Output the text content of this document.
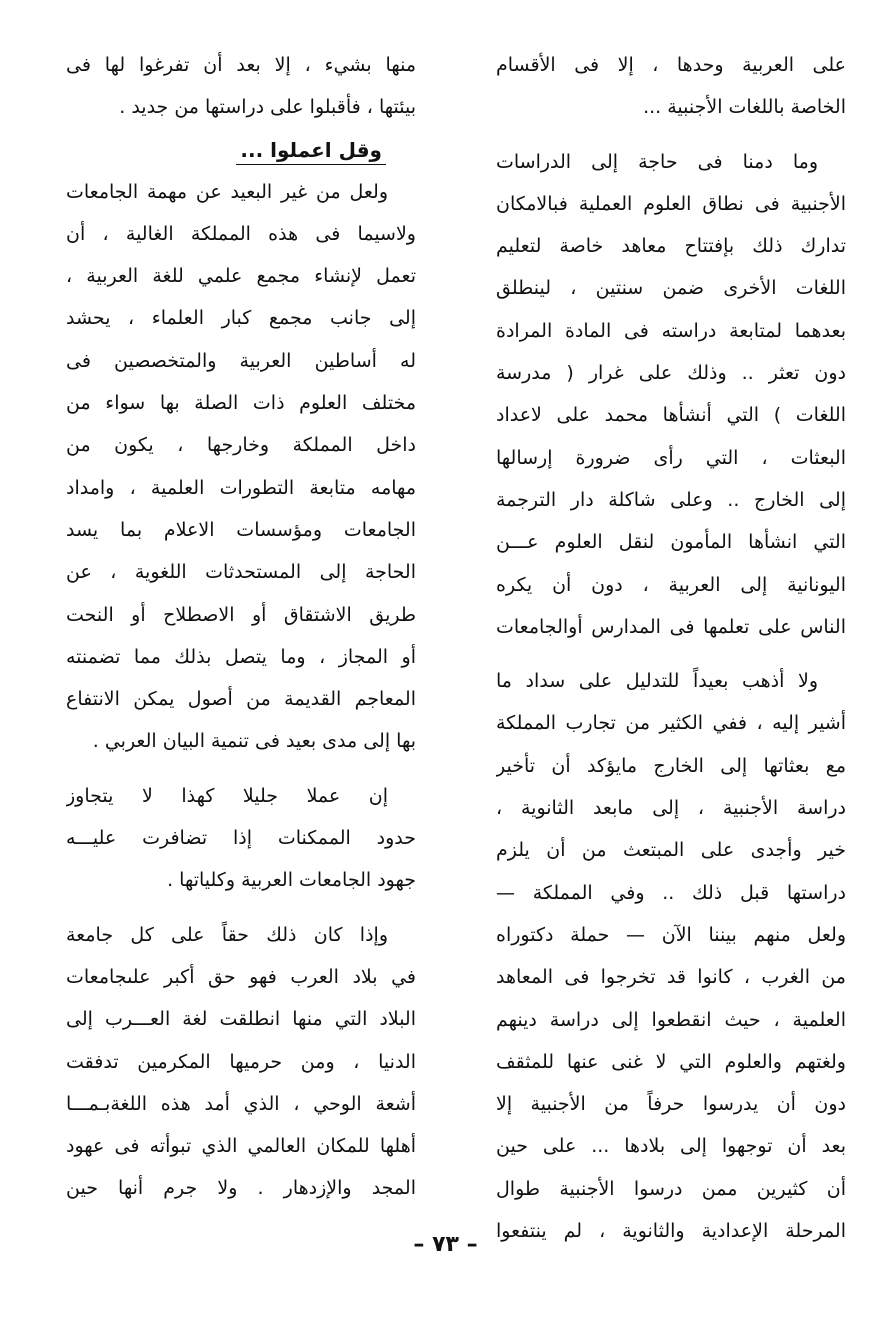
على العربية وحدها ، إلا فى الأقسام
الخاصة باللغات الأجنبية ...
وما دمنا فى حاجة إلى الدراسات
الأجنبية فى نطاق العلوم العملية فبالامكان
تدارك ذلك بإفتتاح معاهد خاصة لتعليم
اللغات الأخرى ضمن سنتين ، لينطلق
بعدهما لمتابعة دراسته فى المادة المرادة
دون تعثر .. وذلك على غرار ( مدرسة
اللغات ) التي أنشأها محمد على لاعداد
البعثات ، التي رأى ضرورة إرسالها
إلى الخارج .. وعلى شاكلة دار الترجمة
التي انشأها المأمون لنقل العلوم عـــن
اليونانية إلى العربية ، دون أن يكره
الناس على تعلمها فى المدارس أوالجامعات
ولا أذهب بعيداً للتدليل على سداد ما
أشير إليه ، ففي الكثير من تجارب المملكة
مع بعثاتها إلى الخارج مايؤكد أن تأخير
دراسة الأجنبية ، إلى مابعد الثانوية ،
خير وأجدى على المبتعث من أن يلزم
دراستها قبل ذلك .. وفي المملكة —
ولعل منهم بيننا الآن — حملة دكتوراه
من الغرب ، كانوا قد تخرجوا فى المعاهد
العلمية ، حيث انقطعوا إلى دراسة دينهم
ولغتهم والعلوم التي لا غنى عنها للمثقف
دون أن يدرسوا حرفاً من الأجنبية إلا
بعد أن توجهوا إلى بلادها ... على حين
أن كثيرين ممن درسوا الأجنبية طوال
المرحلة الإعدادية والثانوية ، لم ينتفعوا
منها بشيء ، إلا بعد أن تفرغوا لها فى
بيئتها ، فأقبلوا على دراستها من جديد .
وقل اعملوا ...
ولعل من غير البعيد عن مهمة الجامعات
ولاسيما فى هذه المملكة الغالية ، أن
تعمل لإنشاء مجمع علمي للغة العربية ،
إلى جانب مجمع كبار العلماء ، يحشد
له أساطين العربية والمتخصصين فى
مختلف العلوم ذات الصلة بها سواء من
داخل المملكة وخارجها ، يكون من
مهامه متابعة التطورات العلمية ، وامداد
الجامعات ومؤسسات الاعلام بما يسد
الحاجة إلى المستحدثات اللغوية ، عن
طريق الاشتقاق أو الاصطلاح أو النحت
أو المجاز ، وما يتصل بذلك مما تضمنته
المعاجم القديمة من أصول يمكن الانتفاع
بها إلى مدى بعيد فى تنمية البيان العربي .
إن عملا جليلا كهذا لا يتجاوز
حدود الممكنات إذا تضافرت عليـــه
جهود الجامعات العربية وكلياتها .
وإذا كان ذلك حقاً على كل جامعة
في بلاد العرب فهو حق أكبر علىجامعات
البلاد التي منها انطلقت لغة العـــرب إلى
الدنيا ، ومن حرميها المكرمين تدفقت
أشعة الوحي ، الذي أمد هذه اللغةبـمـــا
أهلها للمكان العالمي الذي تبوأته فى عهود
المجد والإزدهار . ولا جرم أنها حين
– ٧٣ –
